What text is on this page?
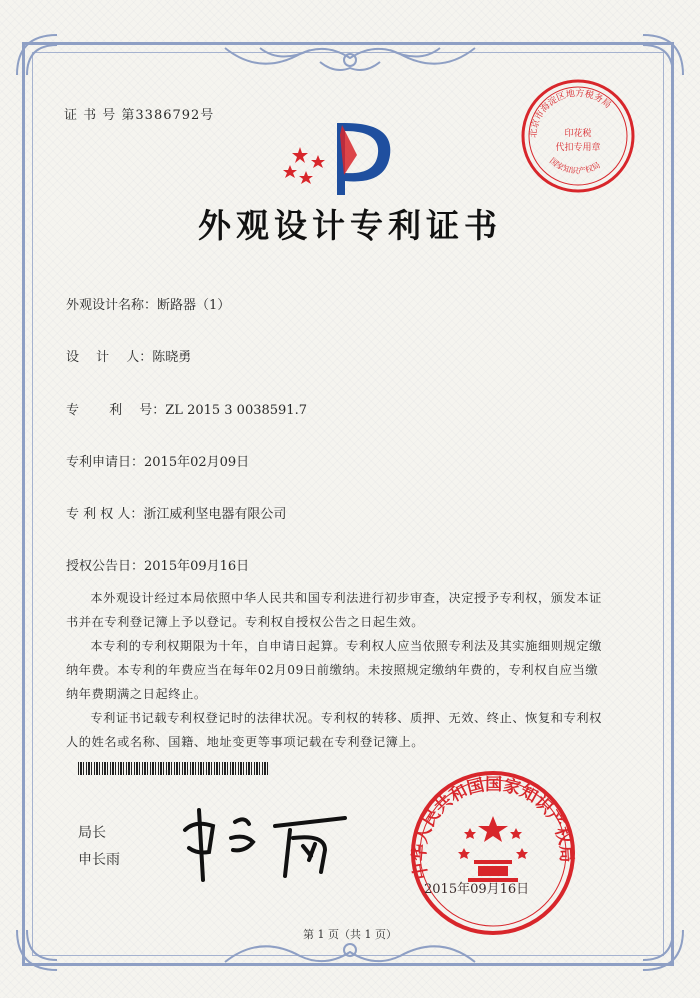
证 书 号 第3386792号
北京市海淀区地方税务局
国家知识产权局
印花税
代扣专用章
外观设计专利证书
外观设计名称：断路器（1）
设　 计　 人：陈晓勇
专　　 利　 号：ZL 2015 3 0038591.7
专利申请日：2015年02月09日
专 利 权 人：浙江威利坚电器有限公司
授权公告日：2015年09月16日

本外观设计经过本局依照中华人民共和国专利法进行初步审查，决定授予专利权，颁发本证书并在专利登记簿上予以登记。专利权自授权公告之日起生效。

本专利的专利权期限为十年，自申请日起算。专利权人应当依照专利法及其实施细则规定缴纳年费。本专利的年费应当在每年02月09日前缴纳。未按照规定缴纳年费的，专利权自应当缴纳年费期满之日起终止。

专利证书记载专利权登记时的法律状况。专利权的转移、质押、无效、终止、恢复和专利权人的姓名或名称、国籍、地址变更等事项记载在专利登记簿上。

局长
申长雨
中华人民共和国国家知识产权局
2015年09月16日
第 1 页（共 1 页）
